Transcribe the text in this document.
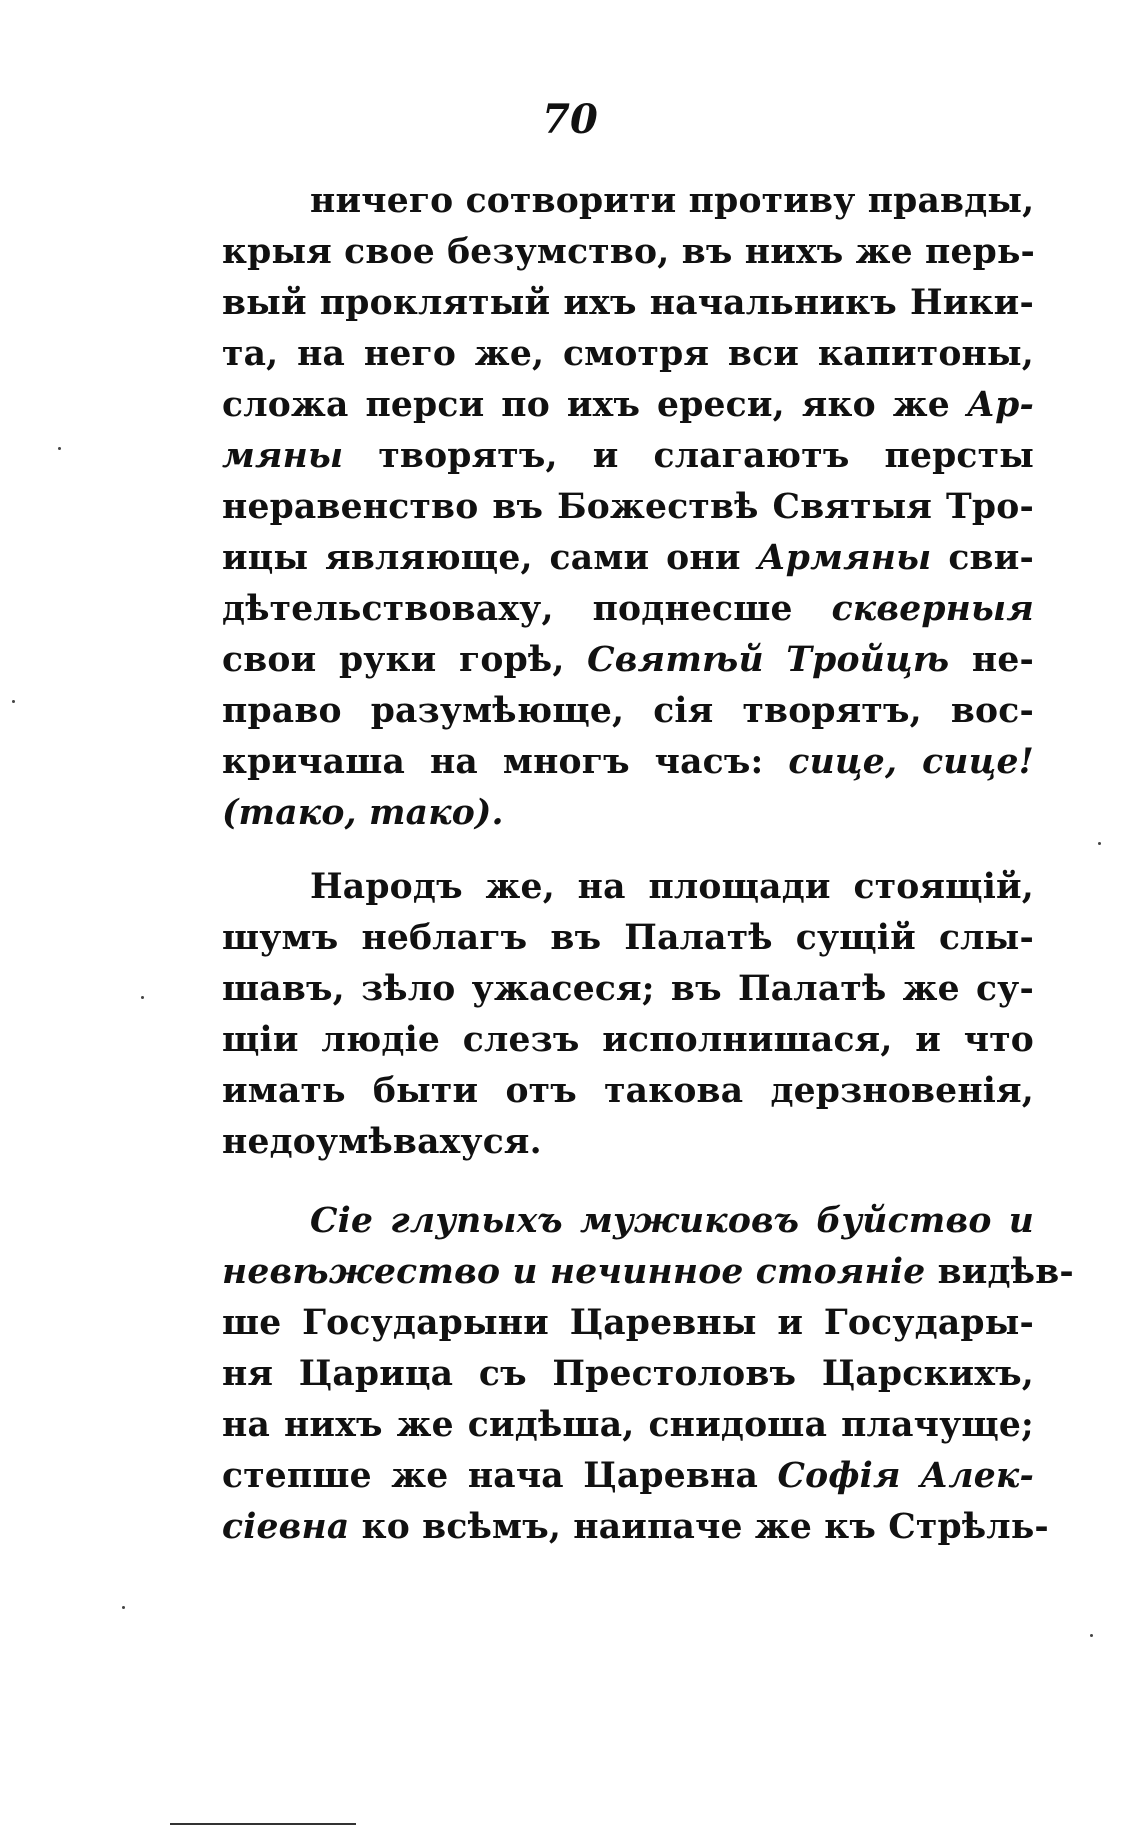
70
ничего сотворити противу правды,
крыя свое безумство, въ нихъ же перь-
вый проклятый ихъ начальникъ Ники-
та, на него же, смотря вси капитоны,
сложа перси по ихъ ереси, яко же Ар-
мяны творятъ, и слагаютъ персты
неравенство въ Божествѣ Святыя Тро-
ицы являюще, сами они Армяны сви-
дѣтельствоваху, поднесше скверныя
свои руки горѣ, Святѣй Тройцѣ не-
право разумѣюще, сія творятъ, вос-
кричаша на многъ часъ: сице, сице!
(тако, тако).
Народъ же, на площади стоящій,
шумъ неблагъ въ Палатѣ сущій слы-
шавъ, зѣло ужасеся; въ Палатѣ же су-
щіи людіе слезъ исполнишася, и что
имать быти отъ такова дерзновенія,
недоумѣвахуся.
Сіе глупыхъ мужиковъ буйство и
невѣжество и нечинное стояніе видѣв-
ше Государыни Царевны и Государы-
ня Царица съ Престоловъ Царскихъ,
на нихъ же сидѣша, снидоша плачуще;
степше же нача Царевна Софія Алек-
сіевна ко всѣмъ, наипаче же къ Стрѣль-
